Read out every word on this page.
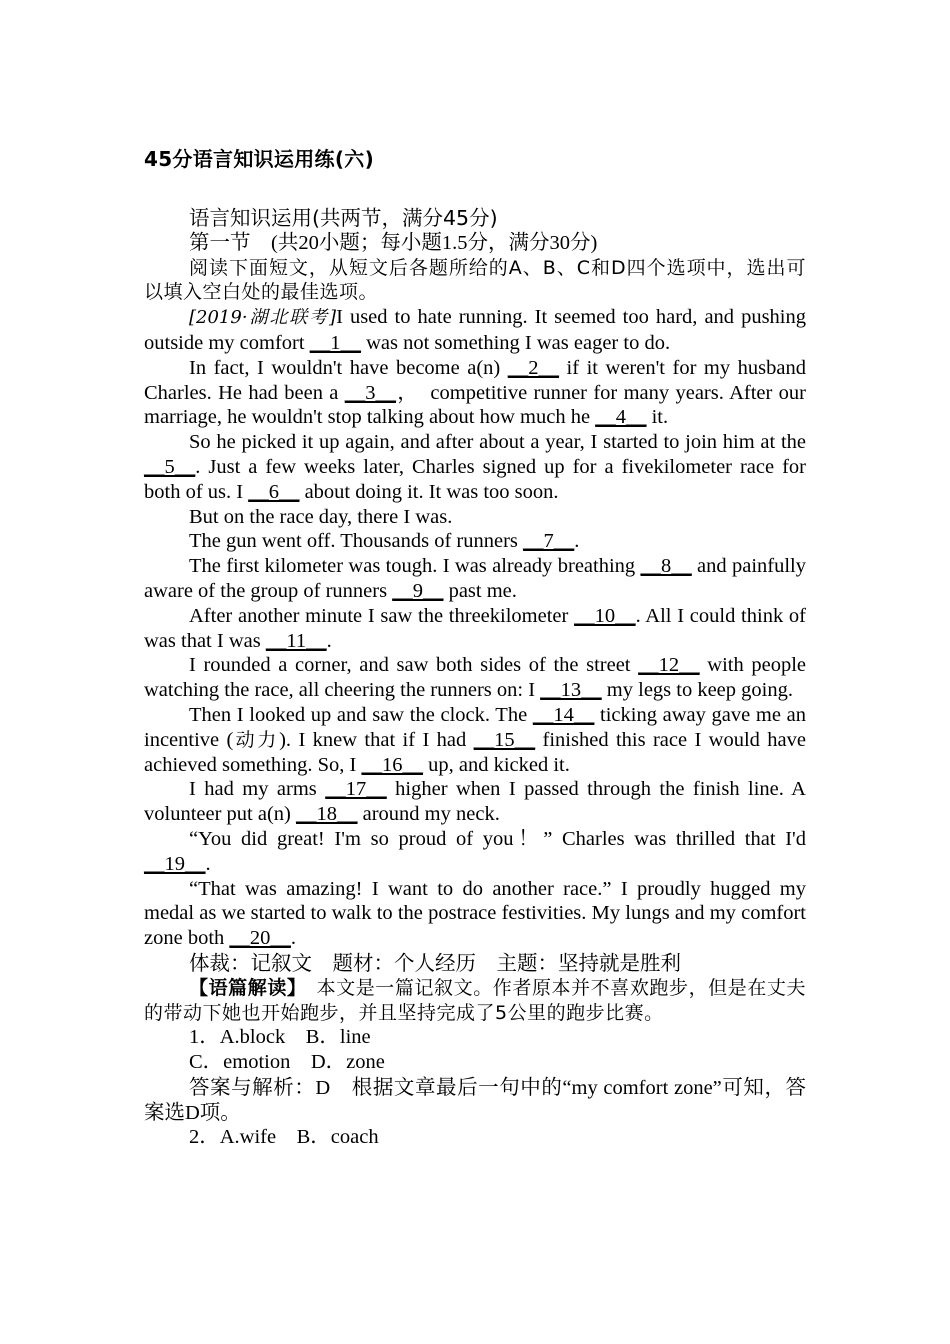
45分语言知识运用练(六)

语言知识运用(共两节，满分45分)

第一节　(共20小题；每小题1.5分，满分30分)

阅读下面短文，从短文后各题所给的A、B、C和D四个选项中，选出可以填入空白处的最佳选项。

[2019·湖北联考]I used to hate running. It seemed too hard, and pushing outside my comfort __1__ was not something I was eager to do.

In fact, I wouldn't have become a(n) __2__ if it weren't for my husband Charles. He had been a __3__，　competitive runner for many years. After our marriage, he wouldn't stop talking about how much he __4__ it.

So he picked it up again, and after about a year, I started to join him at the __5__. Just a few weeks later, Charles signed up for a fivekilometer race for both of us. I __6__ about doing it. It was too soon.

But on the race day, there I was.

The gun went off. Thousands of runners __7__.

The first kilometer was tough. I was already breathing __8__ and painfully aware of the group of runners __9__ past me.

After another minute I saw the threekilometer __10__. All I could think of was that I was __11__.

I rounded a corner, and saw both sides of the street __12__ with people watching the race, all cheering the runners on: I __13__ my legs to keep going.

Then I looked up and saw the clock. The __14__ ticking away gave me an incentive (动力). I knew that if I had __15__ finished this race I would have achieved something. So, I __16__ up, and kicked it.

I had my arms __17__ higher when I passed through the finish line. A volunteer put a(n) __18__ around my neck.

“You did great! I'm so proud of you！” Charles was thrilled that I'd __19__.

“That was amazing! I want to do another race.” I proudly hugged my medal as we started to walk to the postrace festivities. My lungs and my comfort zone both __20__.

体裁：记叙文　题材：个人经历　主题：坚持就是胜利

【语篇解读】　本文是一篇记叙文。作者原本并不喜欢跑步，但是在丈夫的带动下她也开始跑步，并且坚持完成了5公里的跑步比赛。

1．A.block　B．line

C．emotion　D．zone

答案与解析：D　根据文章最后一句中的“my comfort zone”可知，答案选D项。

2．A.wife　B．coach
